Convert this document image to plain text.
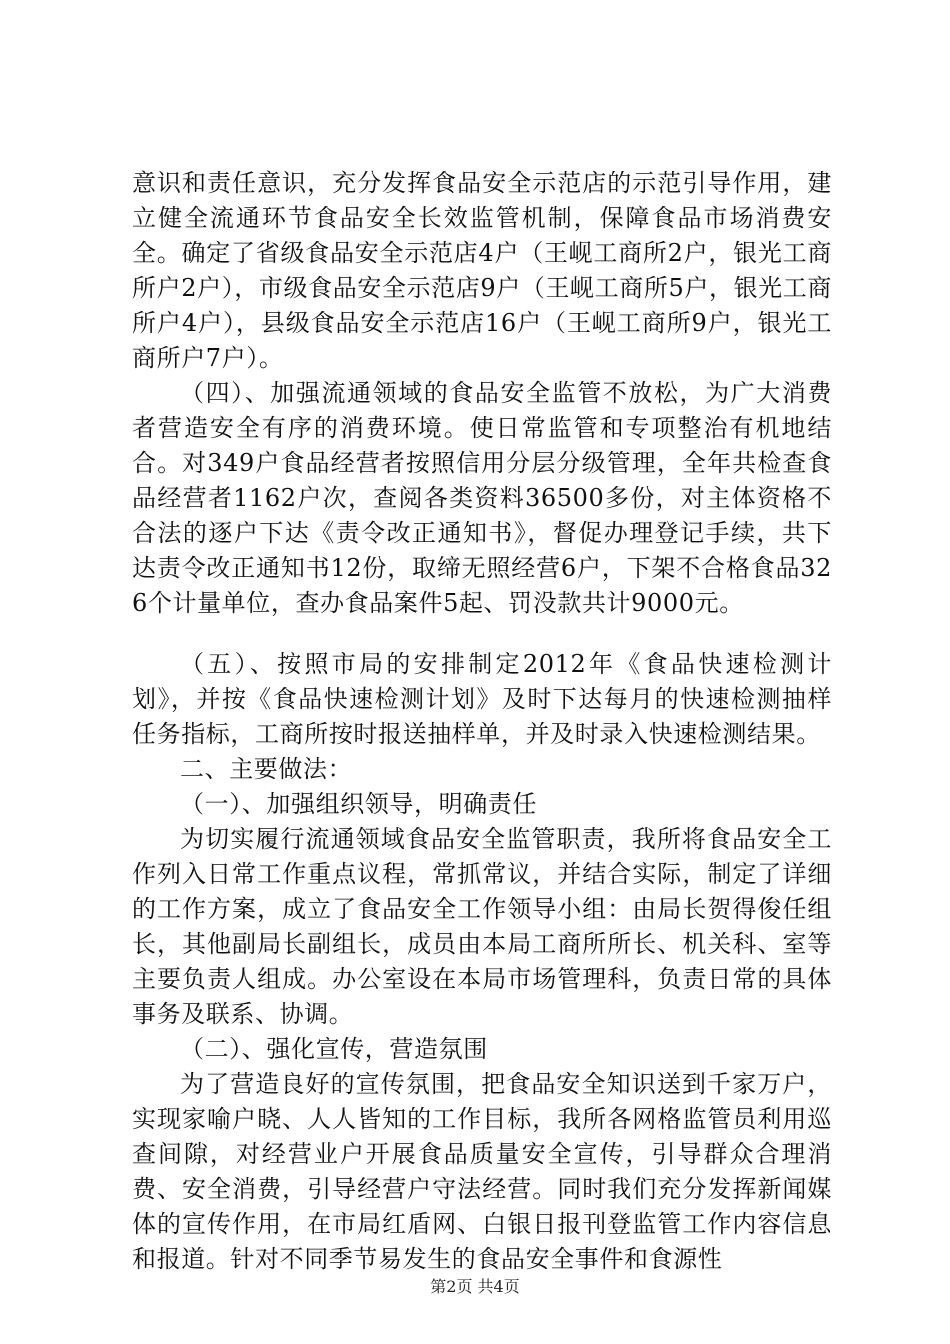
意识和责任意识，充分发挥食品安全示范店的示范引导作用，建立健全流通环节食品安全长效监管机制，保障食品市场消费安全。确定了省级食品安全示范店4户（王岘工商所2户，银光工商所户2户），市级食品安全示范店9户（王岘工商所5户，银光工商所户4户），县级食品安全示范店16户（王岘工商所9户，银光工商所户7户）。

（四）、加强流通领域的食品安全监管不放松，为广大消费者营造安全有序的消费环境。使日常监管和专项整治有机地结合。对349户食品经营者按照信用分层分级管理，全年共检查食品经营者1162户次，查阅各类资料36500多份，对主体资格不合法的逐户下达《责令改正通知书》，督促办理登记手续，共下达责令改正通知书12份，取缔无照经营6户，下架不合格食品326个计量单位，查办食品案件5起、罚没款共计9000元。

（五）、按照市局的安排制定2012年《食品快速检测计划》，并按《食品快速检测计划》及时下达每月的快速检测抽样任务指标，工商所按时报送抽样单，并及时录入快速检测结果。

二、主要做法：

（一）、加强组织领导，明确责任

为切实履行流通领域食品安全监管职责，我所将食品安全工作列入日常工作重点议程，常抓常议，并结合实际，制定了详细的工作方案，成立了食品安全工作领导小组：由局长贺得俊任组长，其他副局长副组长，成员由本局工商所所长、机关科、室等主要负责人组成。办公室设在本局市场管理科，负责日常的具体事务及联系、协调。

（二）、强化宣传，营造氛围

为了营造良好的宣传氛围，把食品安全知识送到千家万户，实现家喻户晓、人人皆知的工作目标，我所各网格监管员利用巡查间隙，对经营业户开展食品质量安全宣传，引导群众合理消费、安全消费，引导经营户守法经营。同时我们充分发挥新闻媒体的宣传作用，在市局红盾网、白银日报刊登监管工作内容信息和报道。针对不同季节易发生的食品安全事件和食源性

第2页 共4页
